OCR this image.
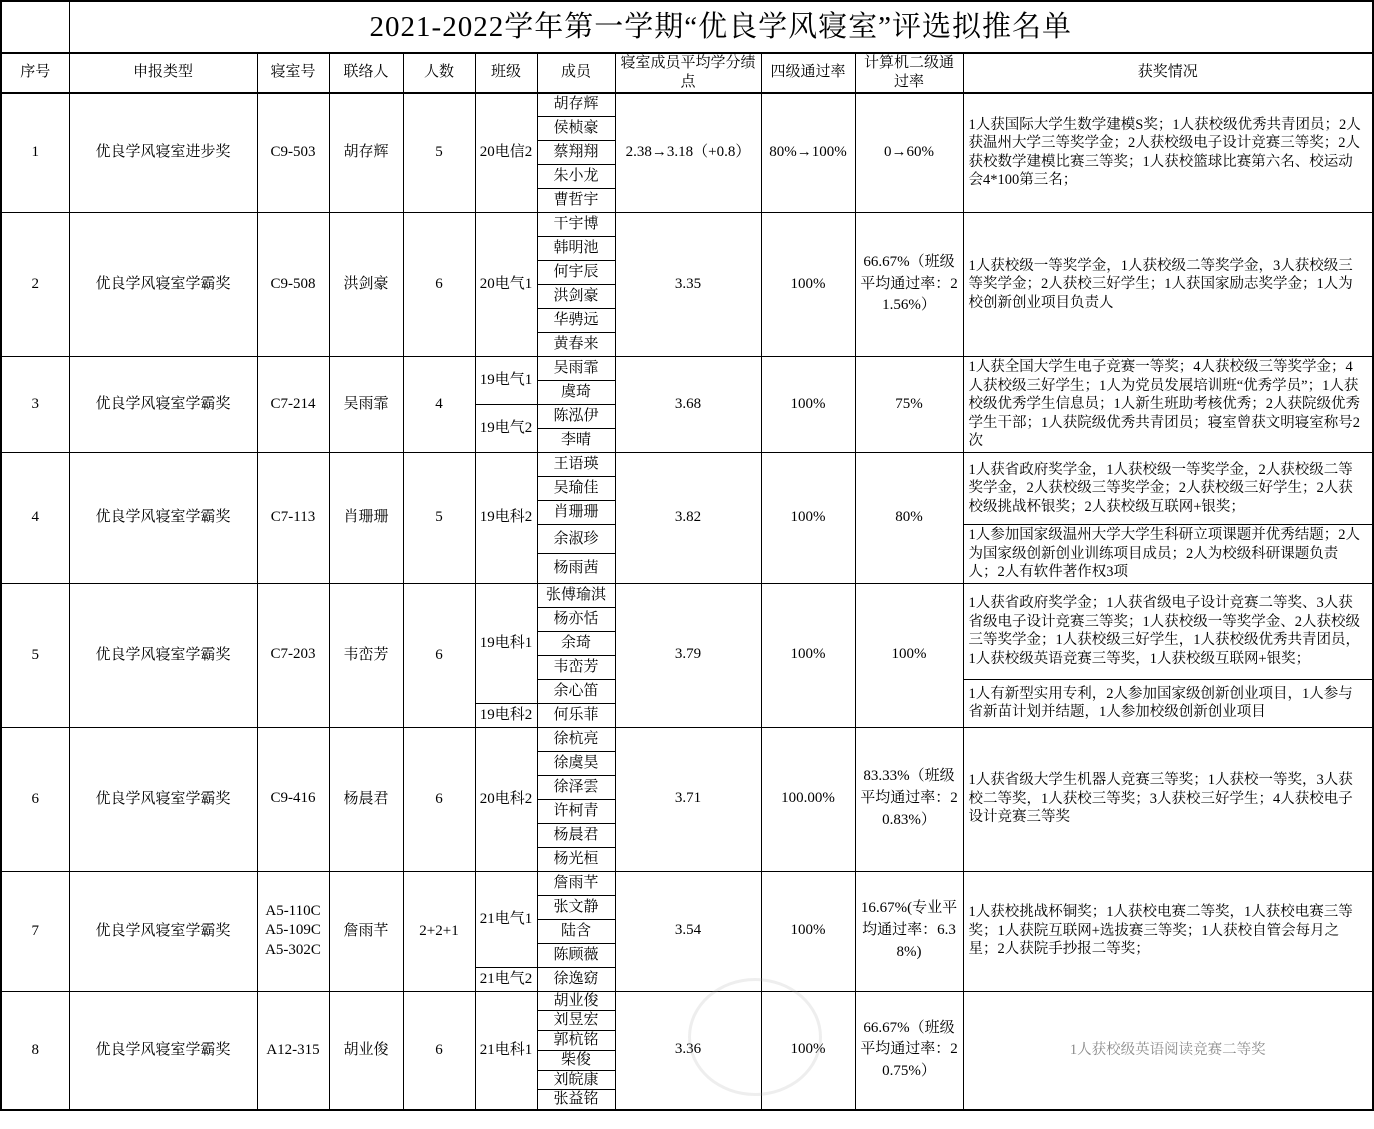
	2021-2022学年第一学期“优良学风寝室”评选拟推名单									
序号	申报类型	寝室号	联络人	人数	班级	成员	寝室成员平均学分绩点	四级通过率	计算机二级通过率	获奖情况
1	优良学风寝室进步奖	C9-503	胡存辉	5	20电信2	胡存辉	2.38→3.18（+0.8）	80%→100%	0→60%	1人获国际大学生数学建模S奖；1人获校级优秀共青团员；2人获温州大学三等奖学金；2人获校级电子设计竞赛三等奖；2人获校数学建模比赛三等奖；1人获校篮球比赛第六名、校运动会4*100第三名；
						侯桢豪				
						蔡翔翔				
						朱小龙				
						曹哲宇				
2	优良学风寝室学霸奖	C9-508	洪剑豪	6	20电气1	干宇博	3.35	100%	66.67%（班级平均通过率：21.56%）	1人获校级一等奖学金，1人获校级二等奖学金，3人获校级三等奖学金；2人获校三好学生；1人获国家励志奖学金；1人为校创新创业项目负责人
						韩明池				
						何宇辰				
						洪剑豪				
						华骋远				
						黄春来				
3	优良学风寝室学霸奖	C7-214	吴雨霏	4	19电气1	吴雨霏	3.68	100%	75%	1人获全国大学生电子竞赛一等奖；4人获校级三等奖学金；4人获校级三好学生；1人为党员发展培训班“优秀学员”；1人获校级优秀学生信息员；1人新生班助考核优秀；2人获院级优秀学生干部；1人获院级优秀共青团员；寝室曾获文明寝室称号2次
						虞琦				
					19电气2	陈泓伊				
						李晴				
4	优良学风寝室学霸奖	C7-113	肖珊珊	5	19电科2	王语瑛	3.82	100%	80%	1人获省政府奖学金，1人获校级一等奖学金，2人获校级二等奖学金，2人获校级三等奖学金；2人获校级三好学生；2人获校级挑战杯银奖；2人获校级互联网+银奖；
						吴瑜佳				
						肖珊珊				
						余淑珍				1人参加国家级温州大学大学生科研立项课题并优秀结题；2人为国家级创新创业训练项目成员；2人为校级科研课题负责人；2人有软件著作权3项
						杨雨茜				
5	优良学风寝室学霸奖	C7-203	韦峦芳	6	19电科1	张傅瑜淇	3.79	100%	100%	1人获省政府奖学金；1人获省级电子设计竞赛二等奖、3人获省级电子设计竞赛三等奖；1人获校级一等奖学金、2人获校级三等奖学金；1人获校级三好学生，1人获校级优秀共青团员，1人获校级英语竞赛三等奖，1人获校级互联网+银奖；
						杨亦恬				
						余琦				
						韦峦芳				
						余心笛				1人有新型实用专利，2人参加国家级创新创业项目，1人参与省新苗计划并结题，1人参加校级创新创业项目
					19电科2	何乐菲				
6	优良学风寝室学霸奖	C9-416	杨晨君	6	20电科2	徐杭亮	3.71	100.00%	83.33%（班级平均通过率：20.83%）	1人获省级大学生机器人竞赛三等奖；1人获校一等奖，3人获校二等奖，1人获校三等奖；3人获校三好学生；4人获校电子设计竞赛三等奖
						徐虞昊				
						徐泽雲				
						许柯青				
						杨晨君				
						杨光桓				
7	优良学风寝室学霸奖	A5-110C
A5-109C
A5-302C	詹雨芊	2+2+1	21电气1	詹雨芊	3.54	100%	16.67%(专业平均通过率：6.38%)	1人获校挑战杯铜奖；1人获校电赛二等奖，1人获校电赛三等奖；1人获院互联网+选拔赛三等奖；1人获校自管会每月之星；2人获院手抄报二等奖；
						张文静				
						陆含				
						陈顾薇				
					21电气2	徐逸窈				
8	优良学风寝室学霸奖	A12-315	胡业俊	6	21电科1	胡业俊	3.36	100%	66.67%（班级平均通过率：20.75%）	1人获校级英语阅读竞赛二等奖
						刘昱宏				
						郭杭铭				
						柴俊				
						刘皖康				
						张益铭				
